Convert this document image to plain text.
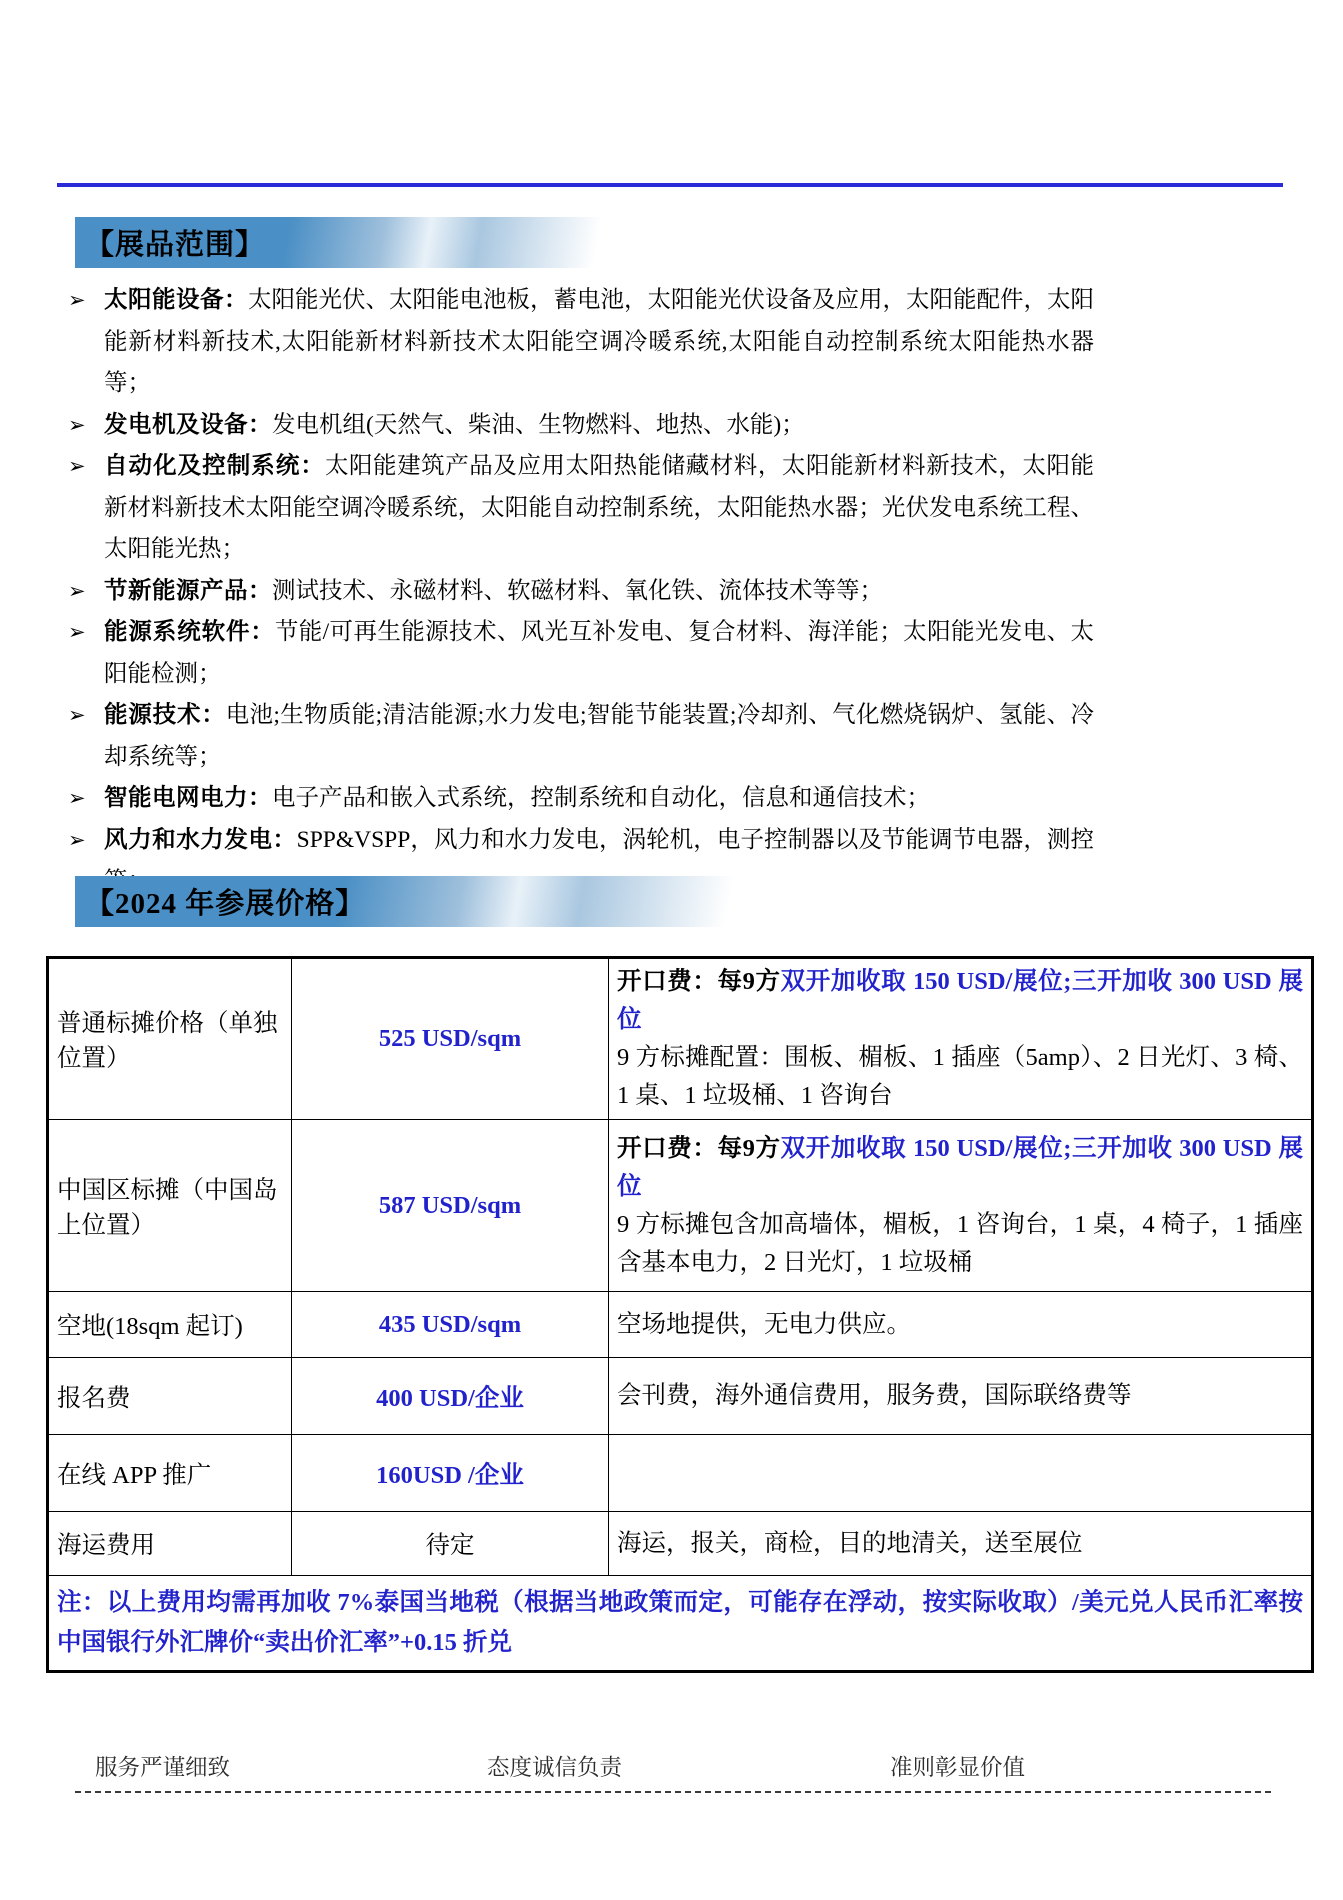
【展品范围】
➢ 太阳能设备：太阳能光伏、太阳能电池板，蓄电池，太阳能光伏设备及应用，太阳能配件，太阳能新材料新技术,太阳能新材料新技术太阳能空调冷暖系统,太阳能自动控制系统太阳能热水器等；
➢ 发电机及设备：发电机组(天然气、柴油、生物燃料、地热、水能)；
➢ 自动化及控制系统：太阳能建筑产品及应用太阳热能储藏材料，太阳能新材料新技术，太阳能新材料新技术太阳能空调冷暖系统，太阳能自动控制系统，太阳能热水器；光伏发电系统工程、太阳能光热；
➢ 节新能源产品：测试技术、永磁材料、软磁材料、氧化铁、流体技术等等；
➢ 能源系统软件：节能/可再生能源技术、风光互补发电、复合材料、海洋能；太阳能光发电、太阳能检测；
➢ 能源技术：电池;生物质能;清洁能源;水力发电;智能节能装置;冷却剂、气化燃烧锅炉、氢能、冷却系统等；
➢ 智能电网电力：电子产品和嵌入式系统，控制系统和自动化，信息和通信技术；
➢ 风力和水力发电：SPP&VSPP，风力和水力发电，涡轮机，电子控制器以及节能调节电器，测控
【2024 年参展价格】
普通标摊价格（单独位置）	525 USD/sqm	开口费：每9方双开加收取 150 USD/展位;三开加收 300 USD 展位
9 方标摊配置：围板、楣板、1 插座（5amp）、2 日光灯、3 椅、1 桌、1 垃圾桶、1 咨询台

中国区标摊（中国岛上位置）	587 USD/sqm	开口费：每9方双开加收取 150 USD/展位;三开加收 300 USD 展位
9 方标摊包含加高墙体，楣板，1 咨询台，1 桌，4 椅子，1 插座含基本电力，2 日光灯，1 垃圾桶

空地(18sqm 起订)	435 USD/sqm	空场地提供，无电力供应。

报名费	400 USD/企业	会刊费，海外通信费用，服务费，国际联络费等

在线 APP 推广	160USD /企业	

海运费用	待定	海运，报关，商检，目的地清关，送至展位

注：以上费用均需再加收 7%泰国当地税（根据当地政策而定，可能存在浮动，按实际收取）/美元兑人民币汇率按中国银行外汇牌价“卖出价汇率”+0.15 折兑		
服务严谨细致	态度诚信负责	准则彰显价值
